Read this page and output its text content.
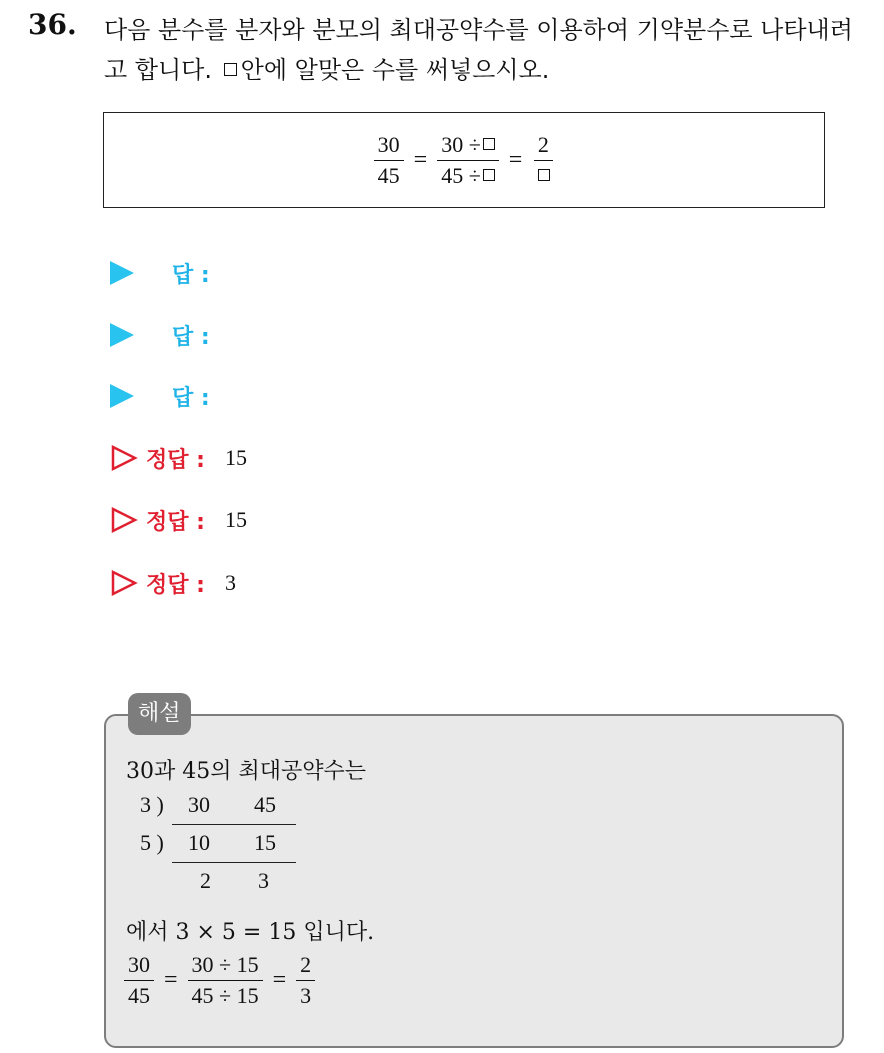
36. 다음 분수를 분자와 분모의 최대공약수를 이용하여 기약분수로 나타내려고 합니다. 안에 알맞은 수를 써넣으시오.
$\frac{30}{45} = \frac{30 \div}{45 \div}$ =
2
답 :
답 :
답 :
정답 : 15
정답 : 15
정답 : 3
해설
30과 45의 최대공약수는
3 ) 30 45
5 ) 10 15
2 3
에서 3 × 5 = 15 입니다.
$\frac{30}{45} = \frac{30 \div 15}{45 \div 15} = \frac{2}{3}$
